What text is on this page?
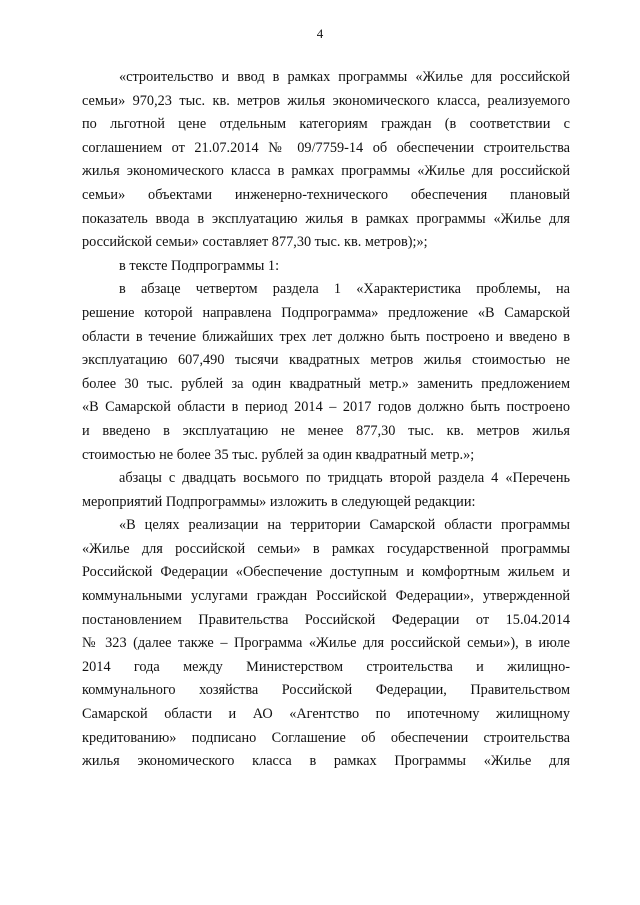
4
«строительство и ввод в рамках программы «Жилье для российской
семьи» 970,23 тыс. кв. метров жилья экономического класса, реализуемого
по льготной цене отдельным категориям граждан (в соответствии с
соглашением от 21.07.2014 № 09/7759-14 об обеспечении строительства
жилья экономического класса в рамках программы «Жилье для российской
семьи» объектами инженерно-технического обеспечения плановый
показатель ввода в эксплуатацию жилья в рамках программы «Жилье для
российской семьи» составляет 877,30 тыс. кв. метров);»;
в тексте Подпрограммы 1:
в абзаце четвертом раздела 1 «Характеристика проблемы, на
решение которой направлена Подпрограмма» предложение «В Самарской
области в течение ближайших трех лет должно быть построено и введено в
эксплуатацию 607,490 тысячи квадратных метров жилья стоимостью не
более 30 тыс. рублей за один квадратный метр.» заменить предложением
«В Самарской области в период 2014 – 2017 годов должно быть построено
и введено в эксплуатацию не менее 877,30 тыс. кв. метров жилья
стоимостью не более 35 тыс. рублей за один квадратный метр.»;
абзацы с двадцать восьмого по тридцать второй раздела 4 «Перечень
мероприятий Подпрограммы» изложить в следующей редакции:
«В целях реализации на территории Самарской области программы
«Жилье для российской семьи» в рамках государственной программы
Российской Федерации «Обеспечение доступным и комфортным жильем и
коммунальными услугами граждан Российской Федерации», утвержденной
постановлением Правительства Российской Федерации от 15.04.2014
№ 323 (далее также – Программа «Жилье для российской семьи»), в июле
2014 года между Министерством строительства и жилищно-
коммунального хозяйства Российской Федерации, Правительством
Самарской области и АО «Агентство по ипотечному жилищному
кредитованию» подписано Соглашение об обеспечении строительства
жилья экономического класса в рамках Программы «Жилье для
